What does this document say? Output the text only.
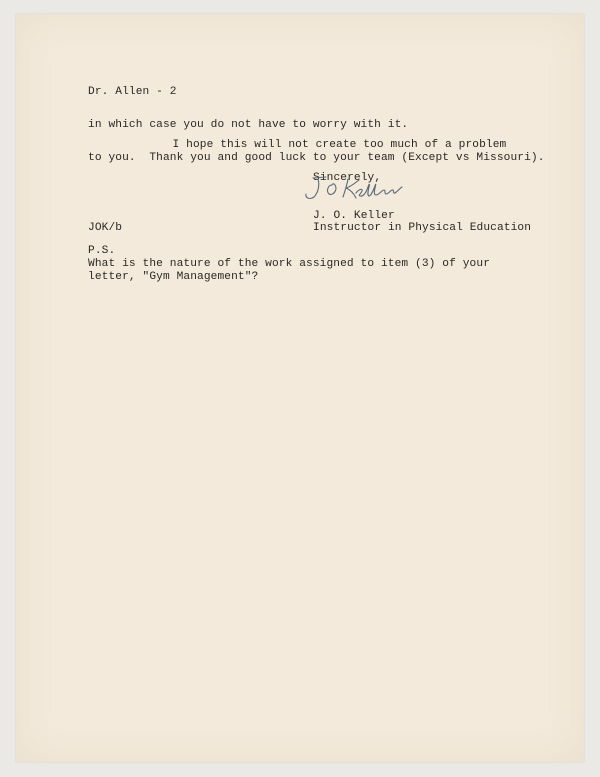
Dr. Allen - 2
in which case you do not have to worry with it.
I hope this will not create too much of a problem
to you.  Thank you and good luck to your team (Except vs Missouri).
Sincerely,
J. O. Keller
Instructor in Physical Education
JOK/b
P.S.
What is the nature of the work assigned to item (3) of your
letter, "Gym Management"?
